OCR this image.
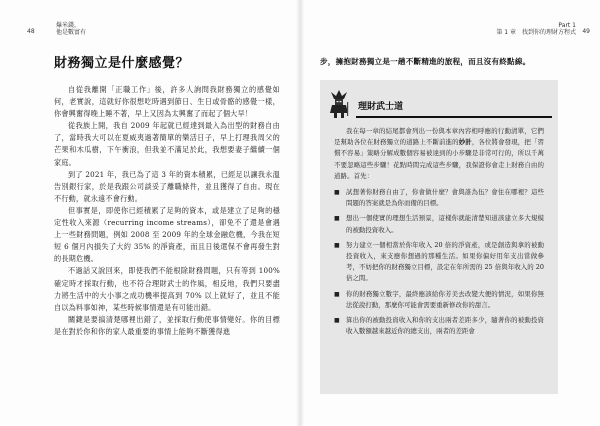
48
爆米錢，
他是數富有
Part 1
第 1 章　找到你的理財方程式 49
財務獨立是什麼感覺？

自從我離開「正職工作」後，許多人詢問我財務獨立的感覺如何，老實說，這就好你很想吃時遇到節日、生日或骨骼的感覺一樣，你會興奮得晚上睡不著，早上又因為太興奮了而起了個大早！

從我族上開，我自 2009 年起就已經達到最入為出型的財務自由了，當時我大可以在夏威夷過著簡單的樂活日子，早上打理我周父的芒果和木瓜樹，下午衝浪，但我並不滿足於此，我想要妻子繼續一個家庭。

到了 2021 年，我已為了這 3 年的資本積累，已經足以讓我永溫告別銀行家，於是我跟公司談妥了離職條件，並且獲得了自由。現在不行動，就永遠不會行動。

但事實是，即使你已經積累了足夠的資本，或是建立了足夠的穩定性收入來源（recurring income streams），卻免不了還是會遇上一些財務問題，例如 2008 至 2009 年的全球金融危機，今我在短短 6 個月內損失了大約 35% 的淨資產，而且日後還保不會再發生對的長期危機。

不過話又說回來，即使我們不能根除財務問題，只有等到 100% 確定時才採取行動，也不符合理財武士的作風，相反地，我們只要盡力將生活中的大小事之成功機率提高到 70% 以上就好了，並且不能自以為料事如神，某些時候事情還是有可能出錯。

關鍵是要搞清楚哪裡出錯了，並採取行動使事情變好。你的目標是在對於你和你的家人最重要的事情上能夠不斷獲得進

步，擁抱財務獨立是一趟不斷精進的旅程，而且沒有終點線。

理財武士道

我在每一章的結尾都會列出一份與本章內容相呼應的行動清單，它們是幫助各位在財務獨立的道路上不斷前進的妙計，各位將會發現，把「習慣不容易」策略分解成數個容易被達到的小步驟是非常可行的，所以千萬不要忽略這些步驟！花點時間完成這些步驟，我保證你會走上財務自由的道路。首先：

■ 試想著你財務自由了，你會做什麼？會與誰為伍？會住在哪裡？這些問題的答案就是為你而備的目標。
■ 想出一個使實的理想生活預景，這樣你就能清楚知道該建立多大規模的被動投資收入。
■ 努力建立一個相當於你年收入 20 倍的淨資產，或是創造與拿的被動投資收入，來支應你想過的那種生活。如果你偏好用年支出當做參考，不妨把你的財務獨立目標，設定在年所需的 25 倍與年收入的 20 倍之間。
■ 你的財務獨立數字，最終應該給你芳美去改變大便的情況，如果你無法從說打動，那麼你可能會需要重新修改你的甜言。
■ 算出你的被動投資收入和你的支出兩者差距多少，隨著你的被動投資收入數額越來越近你的總支出，兩者的差距會
